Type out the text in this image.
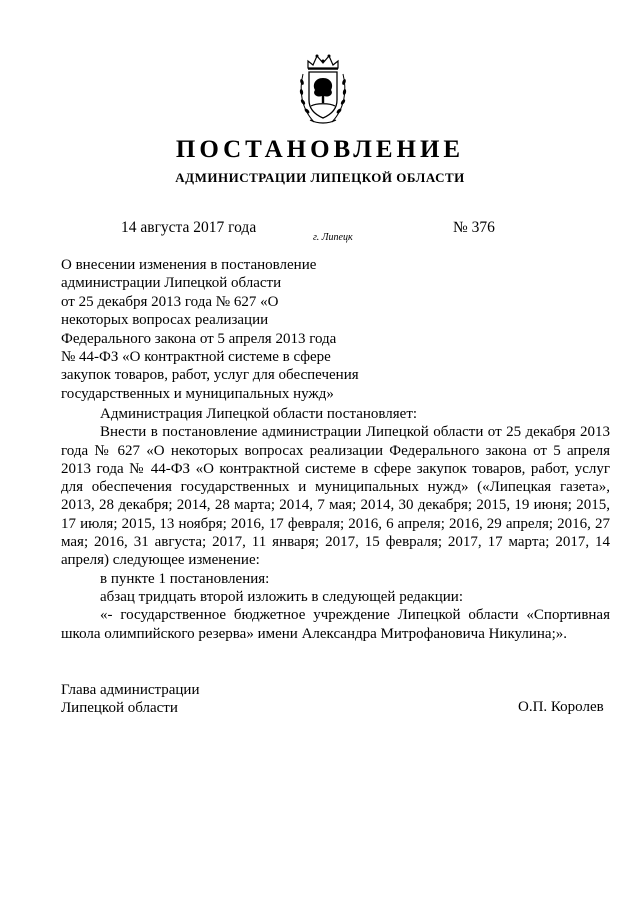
ПОСТАНОВЛЕНИЕ
АДМИНИСТРАЦИИ ЛИПЕЦКОЙ ОБЛАСТИ
14 августа 2017 года
г. Липецк
№ 376
О внесении изменения в постановление
администрации Липецкой области
от 25 декабря 2013 года № 627 «О
некоторых вопросах реализации
Федерального закона от 5 апреля 2013 года
№ 44-ФЗ «О контрактной системе в сфере
закупок товаров, работ, услуг для обеспечения
государственных и муниципальных нужд»

Администрация Липецкой области постановляет:

Внести в постановление администрации Липецкой области от 25 декабря 2013 года № 627 «О некоторых вопросах реализации Федерального закона от 5 апреля 2013 года № 44-ФЗ «О контрактной системе в сфере закупок товаров, работ, услуг для обеспечения государственных и муниципальных нужд» («Липецкая газета», 2013, 28 декабря; 2014, 28 марта; 2014, 7 мая; 2014, 30 декабря; 2015, 19 июня; 2015, 17 июля; 2015, 13 ноября; 2016, 17 февраля; 2016, 6 апреля; 2016, 29 апреля; 2016, 27 мая; 2016, 31 августа; 2017, 11 января; 2017, 15 февраля; 2017, 17 марта; 2017, 14 апреля) следующее изменение:

в пункте 1 постановления:

абзац тридцать второй изложить в следующей редакции:

«- государственное бюджетное учреждение Липецкой области «Спортивная школа олимпийского резерва» имени Александра Митрофановича Никулина;».

Глава администрации
Липецкой области	О.П. Королев
